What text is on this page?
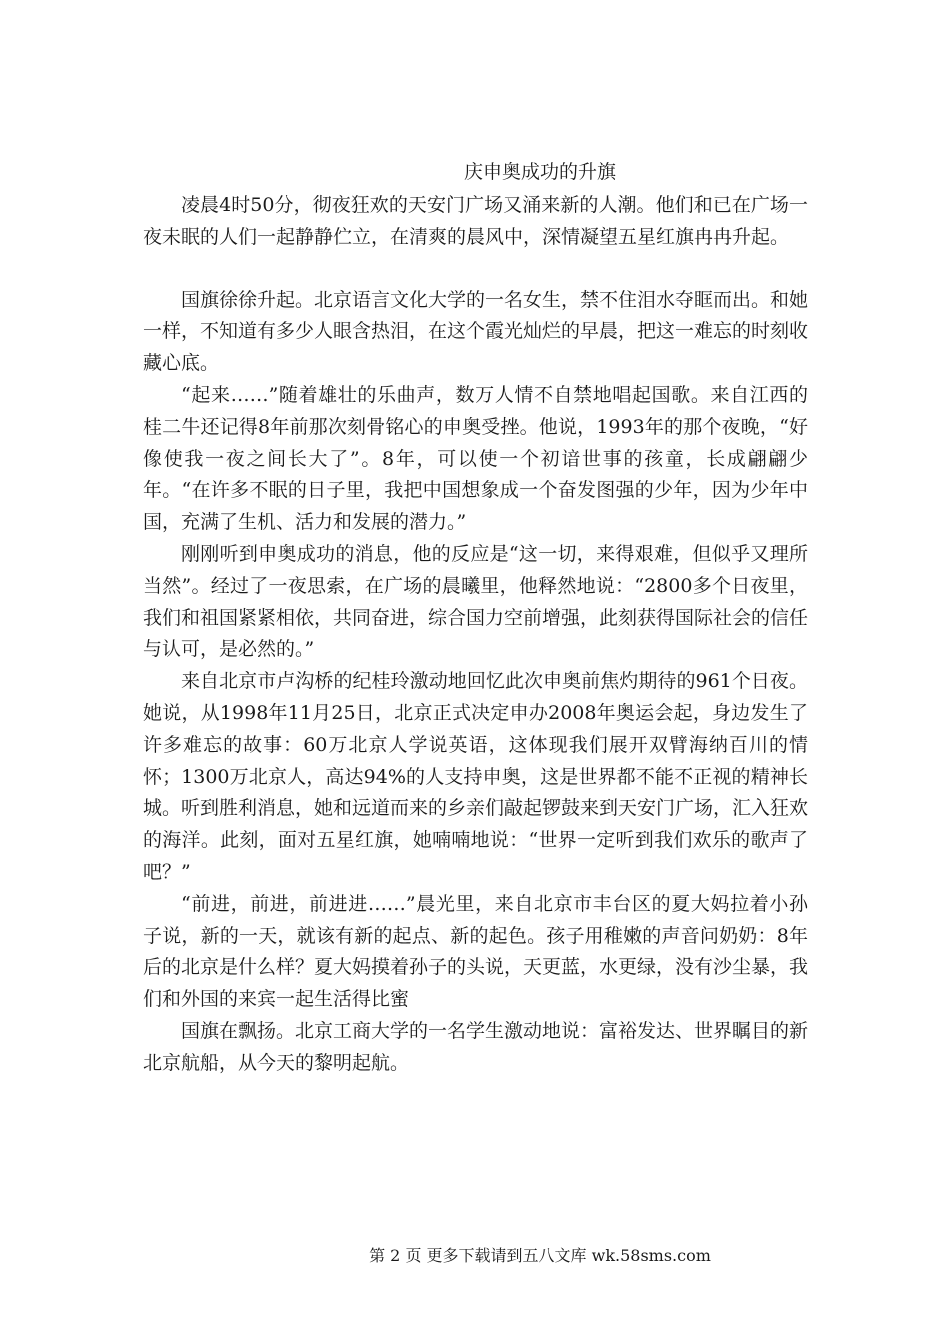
庆申奥成功的升旗

凌晨4时50分，彻夜狂欢的天安门广场又涌来新的人潮。他们和已在广场一夜未眠的人们一起静静伫立，在清爽的晨风中，深情凝望五星红旗冉冉升起。

国旗徐徐升起。北京语言文化大学的一名女生，禁不住泪水夺眶而出。和她一样，不知道有多少人眼含热泪，在这个霞光灿烂的早晨，把这一难忘的时刻收藏心底。

“起来……”随着雄壮的乐曲声，数万人情不自禁地唱起国歌。来自江西的桂二牛还记得8年前那次刻骨铭心的申奥受挫。他说，1993年的那个夜晚，“好像使我一夜之间长大了”。8年，可以使一个初谙世事的孩童，长成翩翩少年。“在许多不眠的日子里，我把中国想象成一个奋发图强的少年，因为少年中国，充满了生机、活力和发展的潜力。”

刚刚听到申奥成功的消息，他的反应是“这一切，来得艰难，但似乎又理所当然”。经过了一夜思索，在广场的晨曦里，他释然地说：“2800多个日夜里，我们和祖国紧紧相依，共同奋进，综合国力空前增强，此刻获得国际社会的信任与认可，是必然的。”

来自北京市卢沟桥的纪桂玲激动地回忆此次申奥前焦灼期待的961个日夜。她说，从1998年11月25日，北京正式决定申办2008年奥运会起，身边发生了许多难忘的故事：60万北京人学说英语，这体现我们展开双臂海纳百川的情怀；1300万北京人，高达94%的人支持申奥，这是世界都不能不正视的精神长城。听到胜利消息，她和远道而来的乡亲们敲起锣鼓来到天安门广场，汇入狂欢的海洋。此刻，面对五星红旗，她喃喃地说：“世界一定听到我们欢乐的歌声了吧？”

“前进，前进，前进进……”晨光里，来自北京市丰台区的夏大妈拉着小孙子说，新的一天，就该有新的起点、新的起色。孩子用稚嫩的声音问奶奶：8年后的北京是什么样？夏大妈摸着孙子的头说，天更蓝，水更绿，没有沙尘暴，我们和外国的来宾一起生活得比蜜

国旗在飘扬。北京工商大学的一名学生激动地说：富裕发达、世界瞩目的新北京航船，从今天的黎明起航。

第 2 页 更多下载请到五八文库 wk.58sms.com
